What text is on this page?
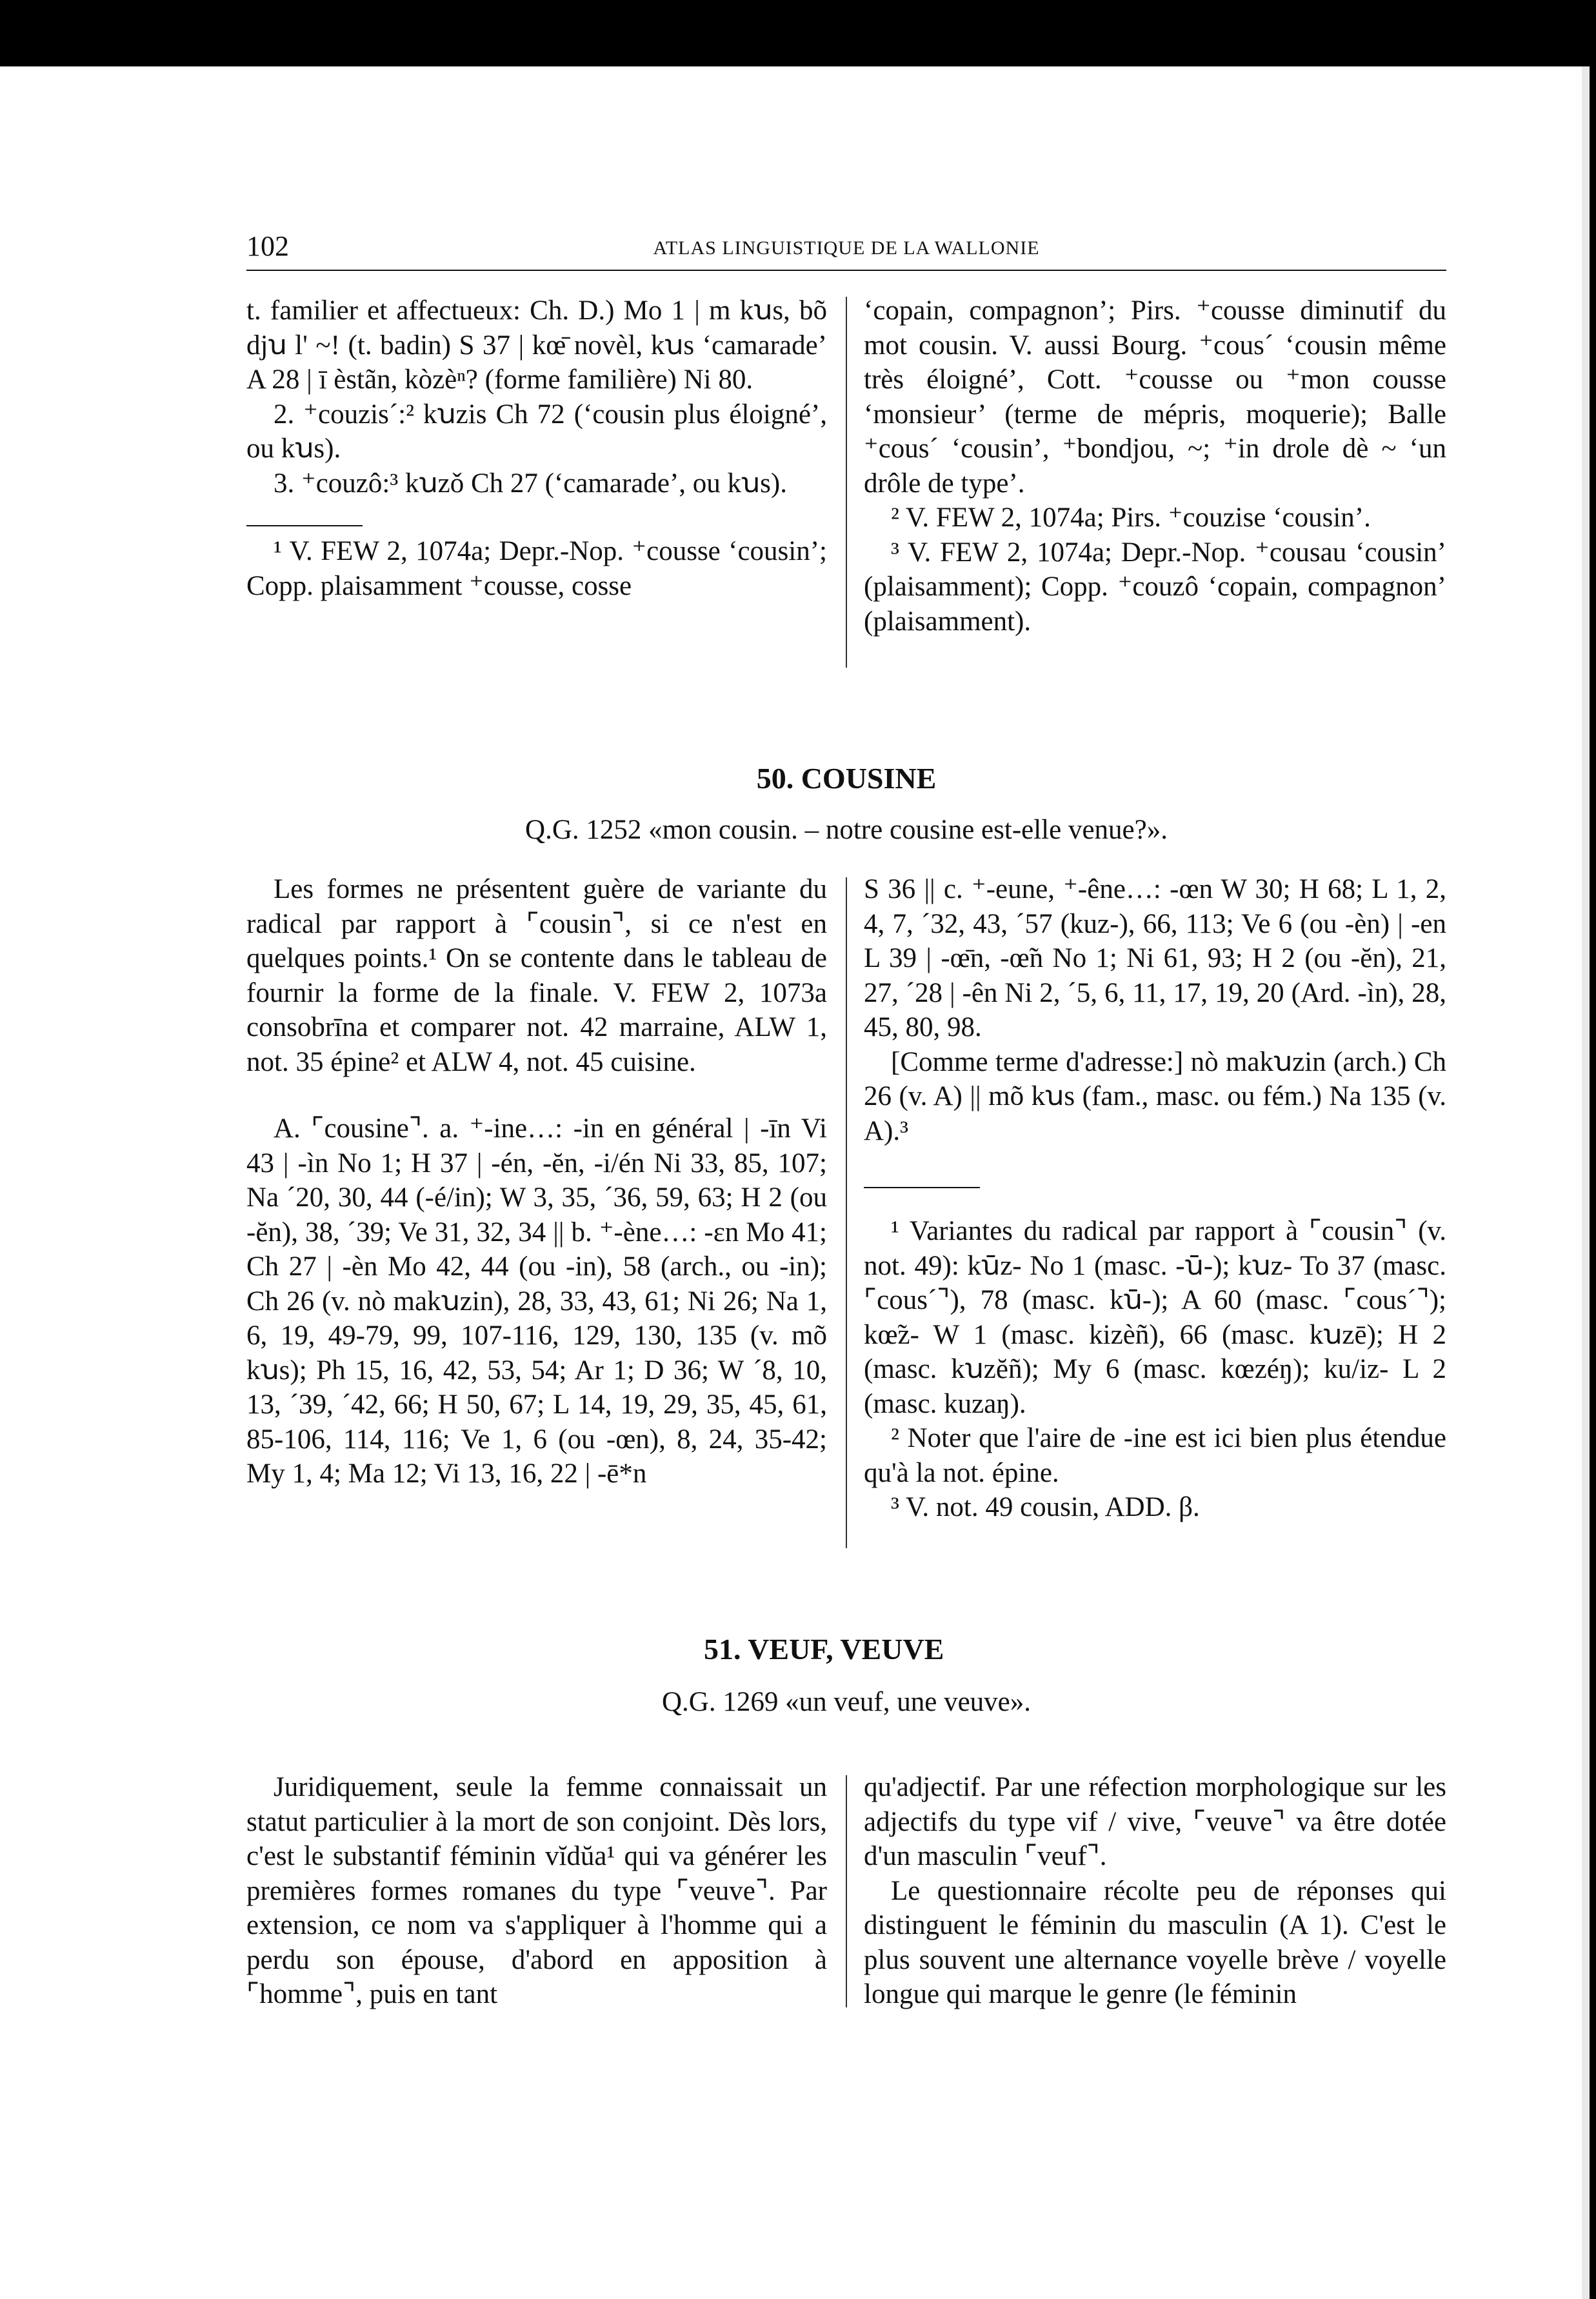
102	ATLAS LINGUISTIQUE DE LA WALLONIE

t. familier et affectueux: Ch. D.) Mo 1 | m kꭒs, bõ djꭒ l' ~! (t. badin) S 37 | kœ̄ novèl, kꭒs ‘camarade’ A 28 | ī èstãn, kòzèⁿ? (forme familière) Ni 80.

2. ⁺couzis´:² kꭒzis Ch 72 (‘cousin plus éloigné’, ou kꭒs).

3. ⁺couzô:³ kꭒzǒ Ch 27 (‘camarade’, ou kꭒs).

¹ V. FEW 2, 1074a; Depr.-Nop. ⁺cousse ‘cousin’; Copp. plaisamment ⁺cousse, cosse

‘copain, compagnon’; Pirs. ⁺cousse diminutif du mot cousin. V. aussi Bourg. ⁺cous´ ‘cousin même très éloigné’, Cott. ⁺cousse ou ⁺mon cousse ‘monsieur’ (terme de mépris, moquerie); Balle ⁺cous´ ‘cousin’, ⁺bondjou, ~; ⁺in drole dè ~ ‘un drôle de type’.

² V. FEW 2, 1074a; Pirs. ⁺couzise ‘cousin’.

³ V. FEW 2, 1074a; Depr.-Nop. ⁺cousau ‘cousin’ (plaisamment); Copp. ⁺couzô ‘copain, compagnon’ (plaisamment).

50. COUSINE
Q.G. 1252 «mon cousin. – notre cousine est-elle venue?».

Les formes ne présentent guère de variante du radical par rapport à ⌜cousin⌝, si ce n'est en quelques points.¹ On se contente dans le tableau de fournir la forme de la finale. V. FEW 2, 1073a consobrīna et comparer not. 42 marraine, ALW 1, not. 35 épine² et ALW 4, not. 45 cuisine.

A. ⌜cousine⌝. a. ⁺-ine…: -in en général | -īn Vi 43 | -ìn No 1; H 37 | -én, -ĕn, -i/én Ni 33, 85, 107; Na ´20, 30, 44 (-é/in); W 3, 35, ´36, 59, 63; H 2 (ou -ĕn), 38, ´39; Ve 31, 32, 34 || b. ⁺-ène…: -ɛn Mo 41; Ch 27 | -èn Mo 42, 44 (ou -in), 58 (arch., ou -in); Ch 26 (v. nò makꭒzin), 28, 33, 43, 61; Ni 26; Na 1, 6, 19, 49-79, 99, 107-116, 129, 130, 135 (v. mõ kꭒs); Ph 15, 16, 42, 53, 54; Ar 1; D 36; W ´8, 10, 13, ´39, ´42, 66; H 50, 67; L 14, 19, 29, 35, 45, 61, 85-106, 114, 116; Ve 1, 6 (ou -œn), 8, 24, 35-42; My 1, 4; Ma 12; Vi 13, 16, 22 | -ē*n

S 36 || c. ⁺-eune, ⁺-êne…: -œn W 30; H 68; L 1, 2, 4, 7, ´32, 43, ´57 (kuz-), 66, 113; Ve 6 (ou -èn) | -en L 39 | -œ̄n, -œ̃n No 1; Ni 61, 93; H 2 (ou -ĕn), 21, 27, ´28 | -ên Ni 2, ´5, 6, 11, 17, 19, 20 (Ard. -ìn), 28, 45, 80, 98.

[Comme terme d'adresse:] nò makꭒzin (arch.) Ch 26 (v. A) || mõ kꭒs (fam., masc. ou fém.) Na 135 (v. A).³

¹ Variantes du radical par rapport à ⌜cousin⌝ (v. not. 49): kꭒ̄z- No 1 (masc. -ꭒ̄-); kꭒz- To 37 (masc. ⌜cous´⌝), 78 (masc. kꭒ̄-); A 60 (masc. ⌜cous´⌝); kœ̃z- W 1 (masc. kizèñ), 66 (masc. kꭒzē); H 2 (masc. kꭒzĕñ); My 6 (masc. kœzéŋ); ku/iz- L 2 (masc. kuzaŋ).

² Noter que l'aire de -ine est ici bien plus étendue qu'à la not. épine.

³ V. not. 49 cousin, ADD. β.

51. VEUF, VEUVE
Q.G. 1269 «un veuf, une veuve».

Juridiquement, seule la femme connaissait un statut particulier à la mort de son conjoint. Dès lors, c'est le substantif féminin vĭdŭa¹ qui va générer les premières formes romanes du type ⌜veuve⌝. Par extension, ce nom va s'appliquer à l'homme qui a perdu son épouse, d'abord en apposition à ⌜homme⌝, puis en tant

qu'adjectif. Par une réfection morphologique sur les adjectifs du type vif / vive, ⌜veuve⌝ va être dotée d'un masculin ⌜veuf⌝.

Le questionnaire récolte peu de réponses qui distinguent le féminin du masculin (A 1). C'est le plus souvent une alternance voyelle brève / voyelle longue qui marque le genre (le féminin
